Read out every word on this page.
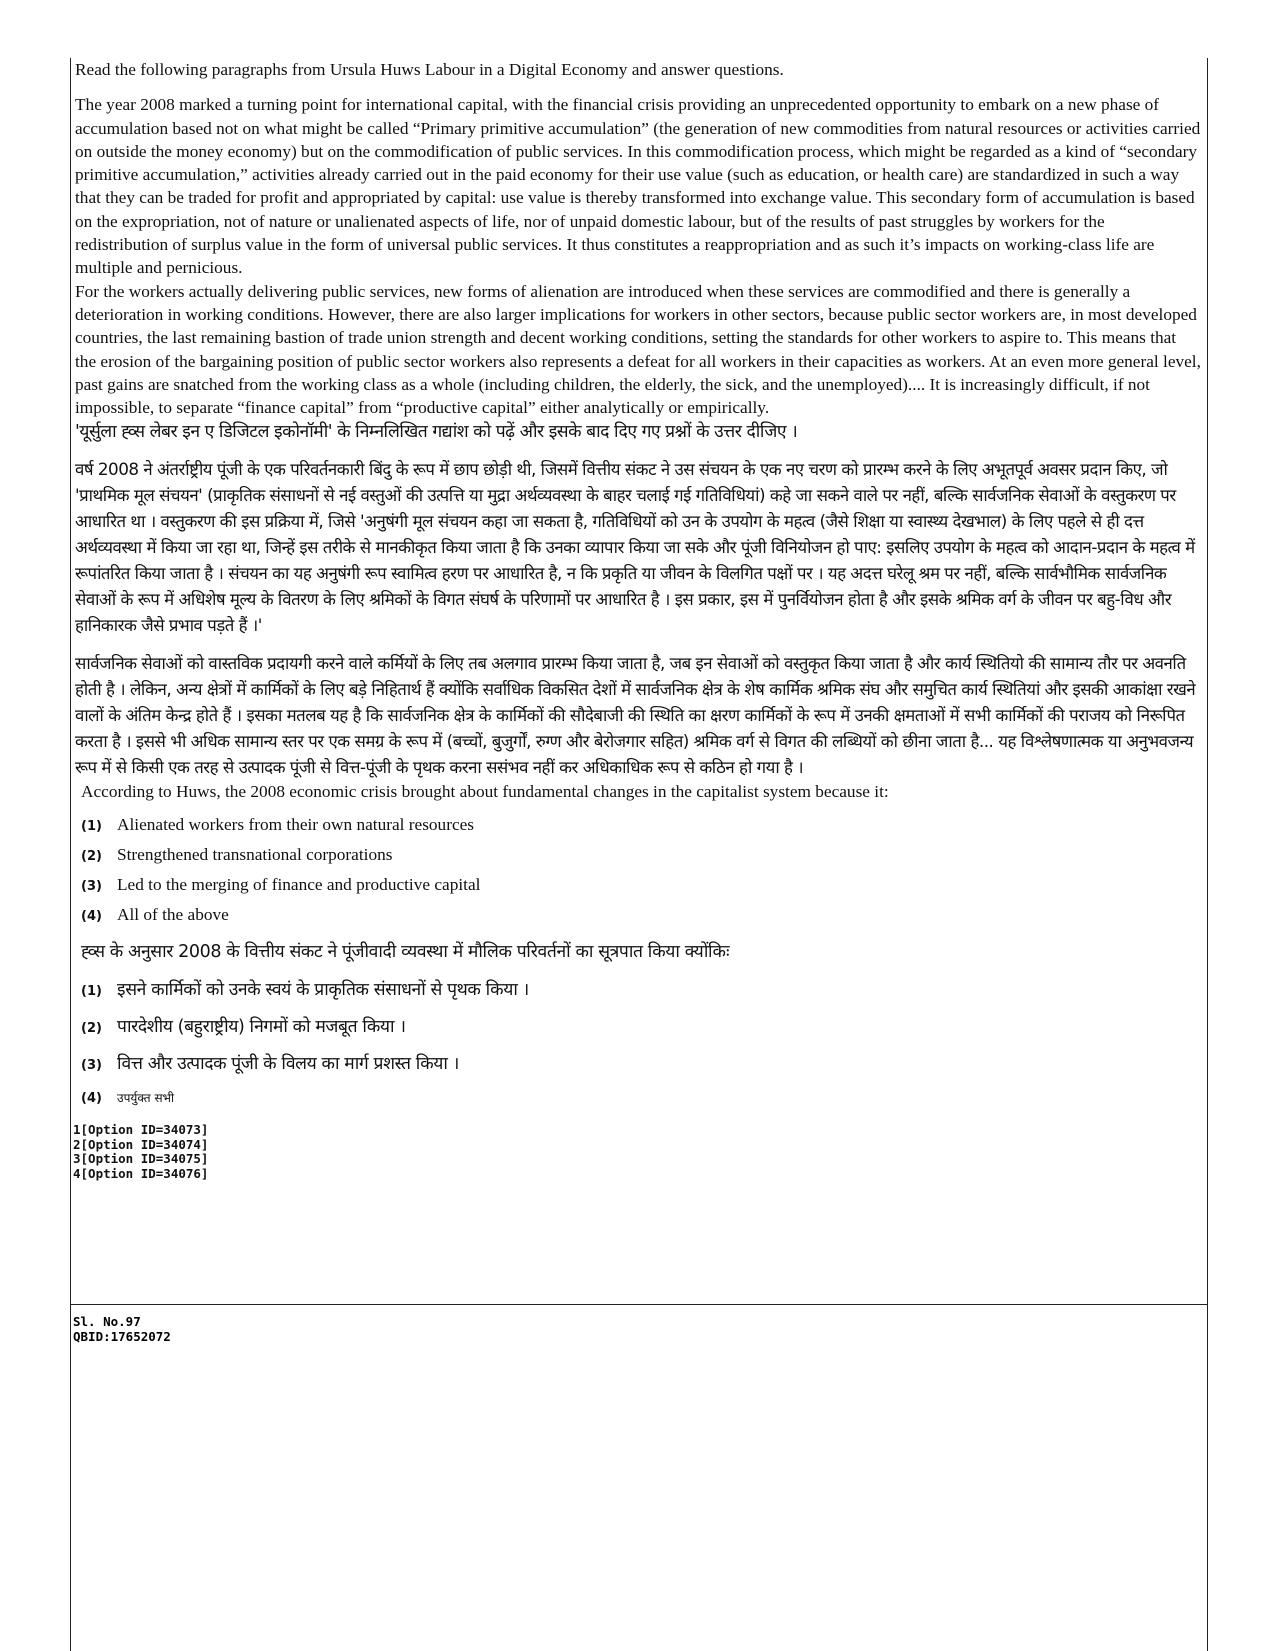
Read the following paragraphs from Ursula Huws Labour in a Digital Economy and answer questions.

The year 2008 marked a turning point for international capital, with the financial crisis providing an unprecedented opportunity to embark on a new phase of accumulation based not on what might be called “Primary primitive accumulation” (the generation of new commodities from natural resources or activities carried on outside the money economy) but on the commodification of public services. In this commodification process, which might be regarded as a kind of “secondary primitive accumulation,” activities already carried out in the paid economy for their use value (such as education, or health care) are standardized in such a way that they can be traded for profit and appropriated by capital: use value is thereby transformed into exchange value. This secondary form of accumulation is based on the expropriation, not of nature or unalienated aspects of life, nor of unpaid domestic labour, but of the results of past struggles by workers for the redistribution of surplus value in the form of universal public services. It thus constitutes a reappropriation and as such it’s impacts on working-class life are multiple and pernicious.

For the workers actually delivering public services, new forms of alienation are introduced when these services are commodified and there is generally a deterioration in working conditions. However, there are also larger implications for workers in other sectors, because public sector workers are, in most developed countries, the last remaining bastion of trade union strength and decent working conditions, setting the standards for other workers to aspire to. This means that the erosion of the bargaining position of public sector workers also represents a defeat for all workers in their capacities as workers. At an even more general level, past gains are snatched from the working class as a whole (including children, the elderly, the sick, and the unemployed).... It is increasingly difficult, if not impossible, to separate “finance capital” from “productive capital” either analytically or empirically.

'यूर्सुला ह्व्स लेबर इन ए डिजिटल इकोनॉमी' के निम्नलिखित गद्यांश को पढ़ें और इसके बाद दिए गए प्रश्नों के उत्तर दीजिए ।

वर्ष 2008 ने अंतर्राष्ट्रीय पूंजी के एक परिवर्तनकारी बिंदु के रूप में छाप छोड़ी थी, जिसमें वित्तीय संकट ने उस संचयन के एक नए चरण को प्रारम्भ करने के लिए अभूतपूर्व अवसर प्रदान किए, जो 'प्राथमिक मूल संचयन' (प्राकृतिक संसाधनों से नई वस्तुओं की उत्पत्ति या मुद्रा अर्थव्यवस्था के बाहर चलाई गई गतिविधियां) कहे जा सकने वाले पर नहीं, बल्कि सार्वजनिक सेवाओं के वस्तुकरण पर आधारित था । वस्तुकरण की इस प्रक्रिया में, जिसे 'अनुषंगी मूल संचयन कहा जा सकता है, गतिविधियों को उन के उपयोग के महत्व (जैसे शिक्षा या स्वास्थ्य देखभाल) के लिए पहले से ही दत्त अर्थव्यवस्था में किया जा रहा था, जिन्हें इस तरीके से मानकीकृत किया जाता है कि उनका व्यापार किया जा सके और पूंजी विनियोजन हो पाए: इसलिए उपयोग के महत्व को आदान-प्रदान के महत्व में रूपांतरित किया जाता है । संचयन का यह अनुषंगी रूप स्वामित्व हरण पर आधारित है, न कि प्रकृति या जीवन के विलगित पक्षों पर । यह अदत्त घरेलू श्रम पर नहीं, बल्कि सार्वभौमिक सार्वजनिक सेवाओं के रूप में अधिशेष मूल्य के वितरण के लिए श्रमिकों के विगत संघर्ष के परिणामों पर आधारित है । इस प्रकार, इस में पुनर्वियोजन होता है और इसके श्रमिक वर्ग के जीवन पर बहु-विध और हानिकारक जैसे प्रभाव पड़ते हैं ।'

सार्वजनिक सेवाओं को वास्तविक प्रदायगी करने वाले कर्मियों के लिए तब अलगाव प्रारम्भ किया जाता है, जब इन सेवाओं को वस्तुकृत किया जाता है और कार्य स्थितियो की सामान्य तौर पर अवनति होती है । लेकिन, अन्य क्षेत्रों में कार्मिकों के लिए बड़े निहितार्थ हैं क्योंकि सर्वाधिक विकसित देशों में सार्वजनिक क्षेत्र के शेष कार्मिक श्रमिक संघ और समुचित कार्य स्थितियां और इसकी आकांक्षा रखने वालों के अंतिम केन्द्र होते हैं । इसका मतलब यह है कि सार्वजनिक क्षेत्र के कार्मिकों की सौदेबाजी की स्थिति का क्षरण कार्मिकों के रूप में उनकी क्षमताओं में सभी कार्मिकों की पराजय को निरूपित करता है । इससे भी अधिक सामान्य स्तर पर एक समग्र के रूप में (बच्चों, बुजुर्गों, रुग्ण और बेरोजगार सहित) श्रमिक वर्ग से विगत की लब्धियों को छीना जाता है... यह विश्लेषणात्मक या अनुभवजन्य रूप में से किसी एक तरह से उत्पादक पूंजी से वित्त-पूंजी के पृथक करना ससंभव नहीं कर अधिकाधिक रूप से कठिन हो गया है ।

According to Huws, the 2008 economic crisis brought about fundamental changes in the capitalist system because it:

(1) Alienated workers from their own natural resources
(2) Strengthened transnational corporations
(3) Led to the merging of finance and productive capital
(4) All of the above

ह्व्स के अनुसार 2008 के वित्तीय संकट ने पूंजीवादी व्यवस्था में मौलिक परिवर्तनों का सूत्रपात किया क्योंकिः

(1) इसने कार्मिकों को उनके स्वयं के प्राकृतिक संसाधनों से पृथक किया ।
(2) पारदेशीय (बहुराष्ट्रीय) निगमों को मजबूत किया ।
(3) वित्त और उत्पादक पूंजी के विलय का मार्ग प्रशस्त किया ।
(4)	उपर्युक्त सभी
1[Option ID=34073]
2[Option ID=34074]
3[Option ID=34075]
4[Option ID=34076]
Sl. No.97
QBID:17652072
